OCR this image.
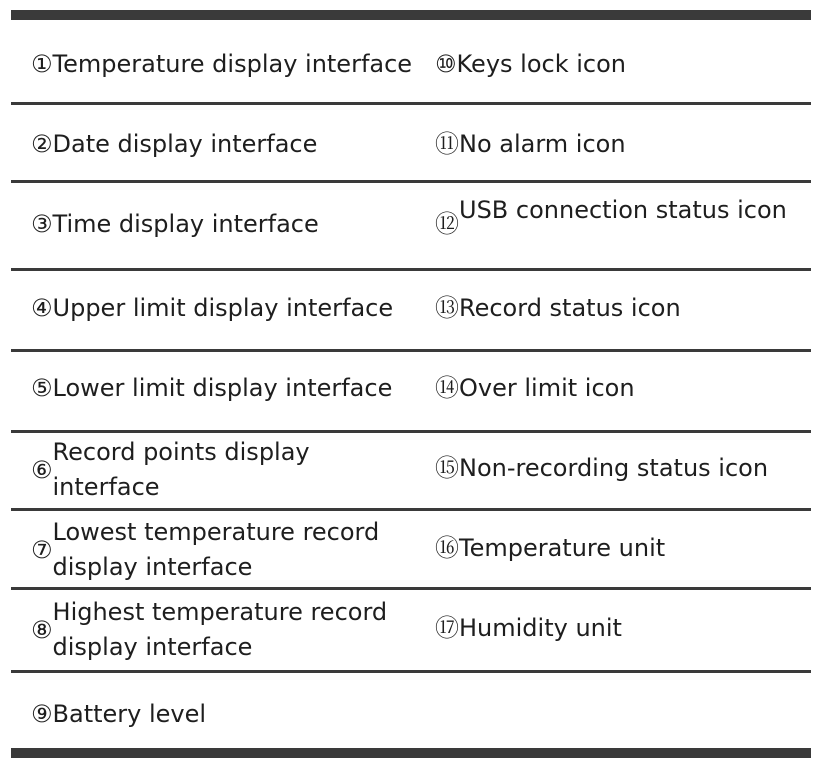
① Temperature display interface ⑩ Keys lock icon
② Date display interface	⑪ No alarm icon
③ Time display interface	⑫ USB connection status icon
④ Upper limit display interface ⑬ Record status icon
⑤ Lower limit display interface ⑭ Over limit icon
⑥
Record points display interface
⑮ Non-recording status icon
⑦
Lowest temperature record display interface
⑯ Temperature unit
⑧
Highest temperature record display interface
⑰ Humidity unit
⑨ Battery level
